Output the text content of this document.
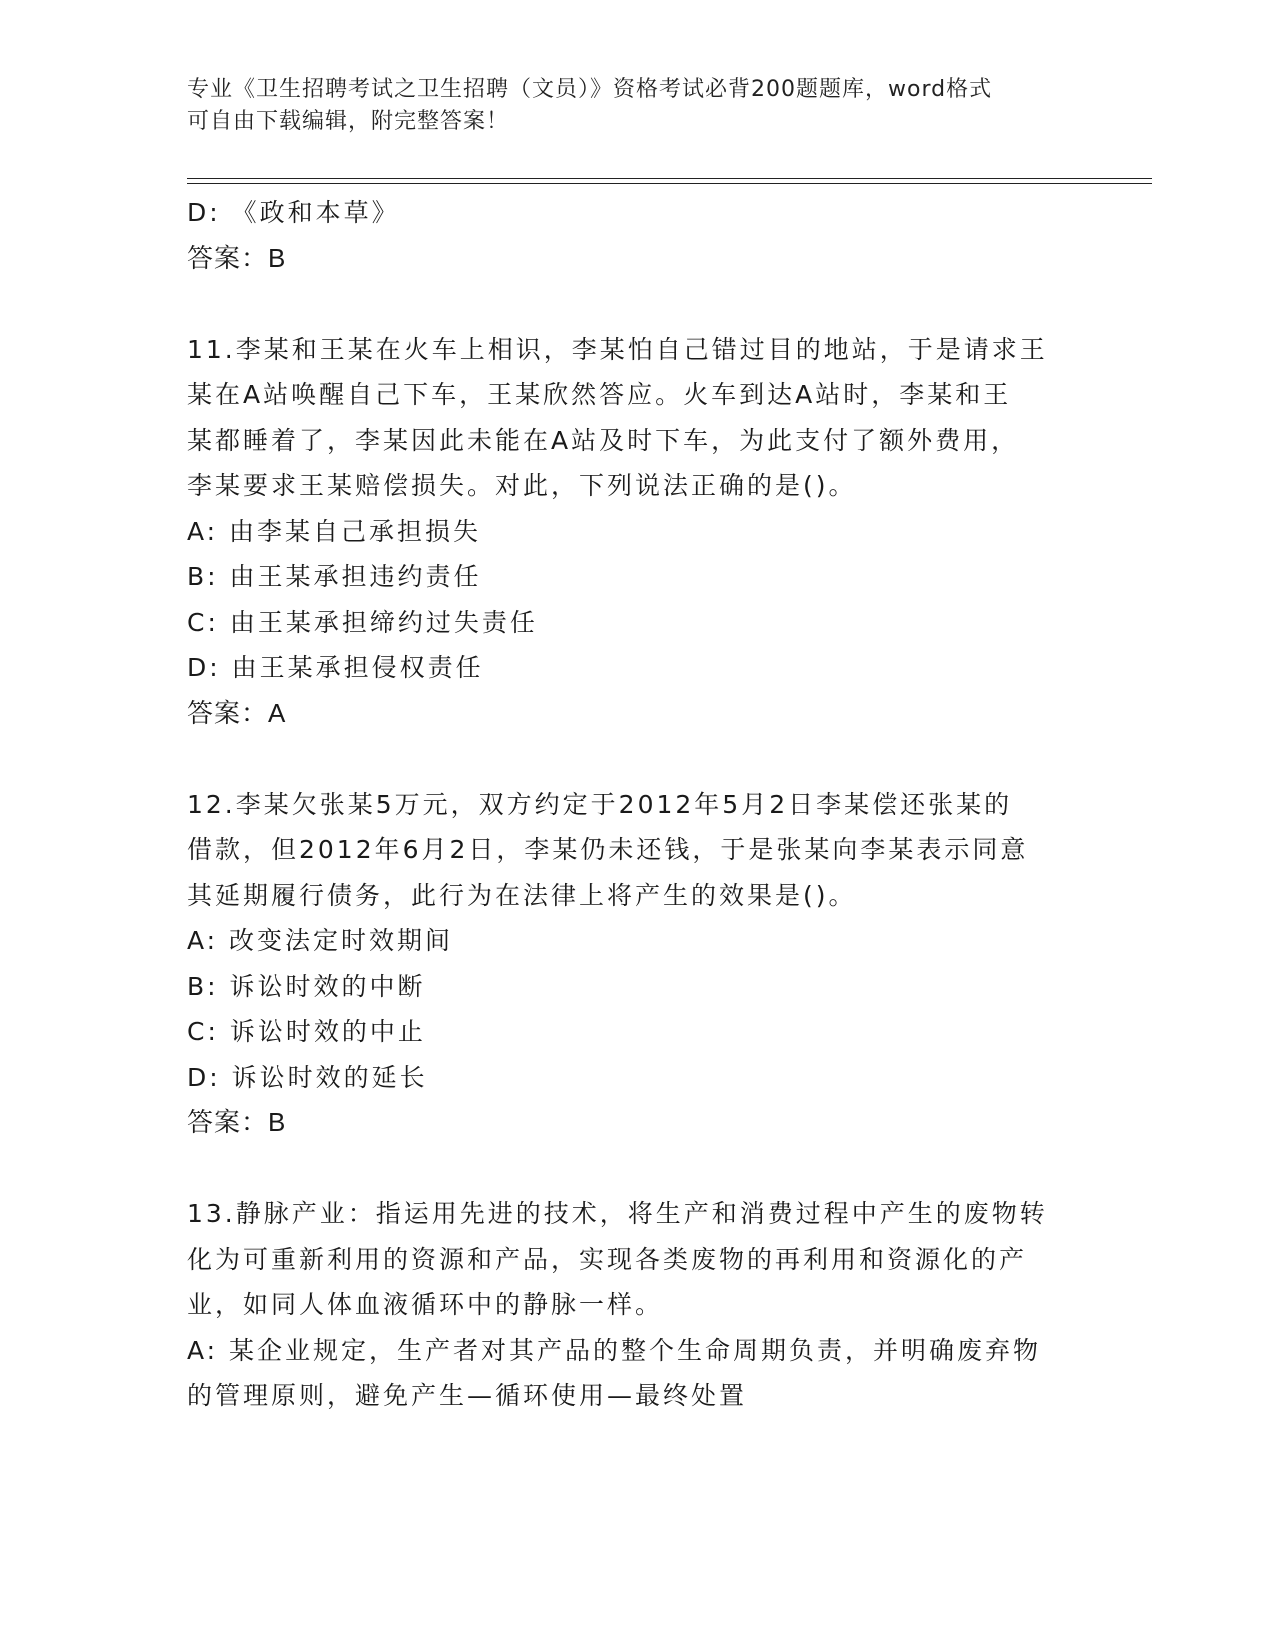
专业《卫生招聘考试之卫生招聘（文员）》资格考试必背200题题库，word格式
可自由下载编辑，附完整答案！
D: 《政和本草》
答案：B
11.李某和王某在火车上相识，李某怕自己错过目的地站，于是请求王
某在A站唤醒自己下车，王某欣然答应。火车到达A站时，李某和王
某都睡着了，李某因此未能在A站及时下车，为此支付了额外费用，
李某要求王某赔偿损失。对此，下列说法正确的是()。
A: 由李某自己承担损失
B: 由王某承担违约责任
C: 由王某承担缔约过失责任
D: 由王某承担侵权责任
答案：A
12.李某欠张某5万元，双方约定于2012年5月2日李某偿还张某的
借款，但2012年6月2日，李某仍未还钱，于是张某向李某表示同意
其延期履行债务，此行为在法律上将产生的效果是()。
A: 改变法定时效期间
B: 诉讼时效的中断
C: 诉讼时效的中止
D: 诉讼时效的延长
答案：B
13.静脉产业：指运用先进的技术，将生产和消费过程中产生的废物转
化为可重新利用的资源和产品，实现各类废物的再利用和资源化的产
业，如同人体血液循环中的静脉一样。
A: 某企业规定，生产者对其产品的整个生命周期负责，并明确废弃物
的管理原则，避免产生—循环使用—最终处置
